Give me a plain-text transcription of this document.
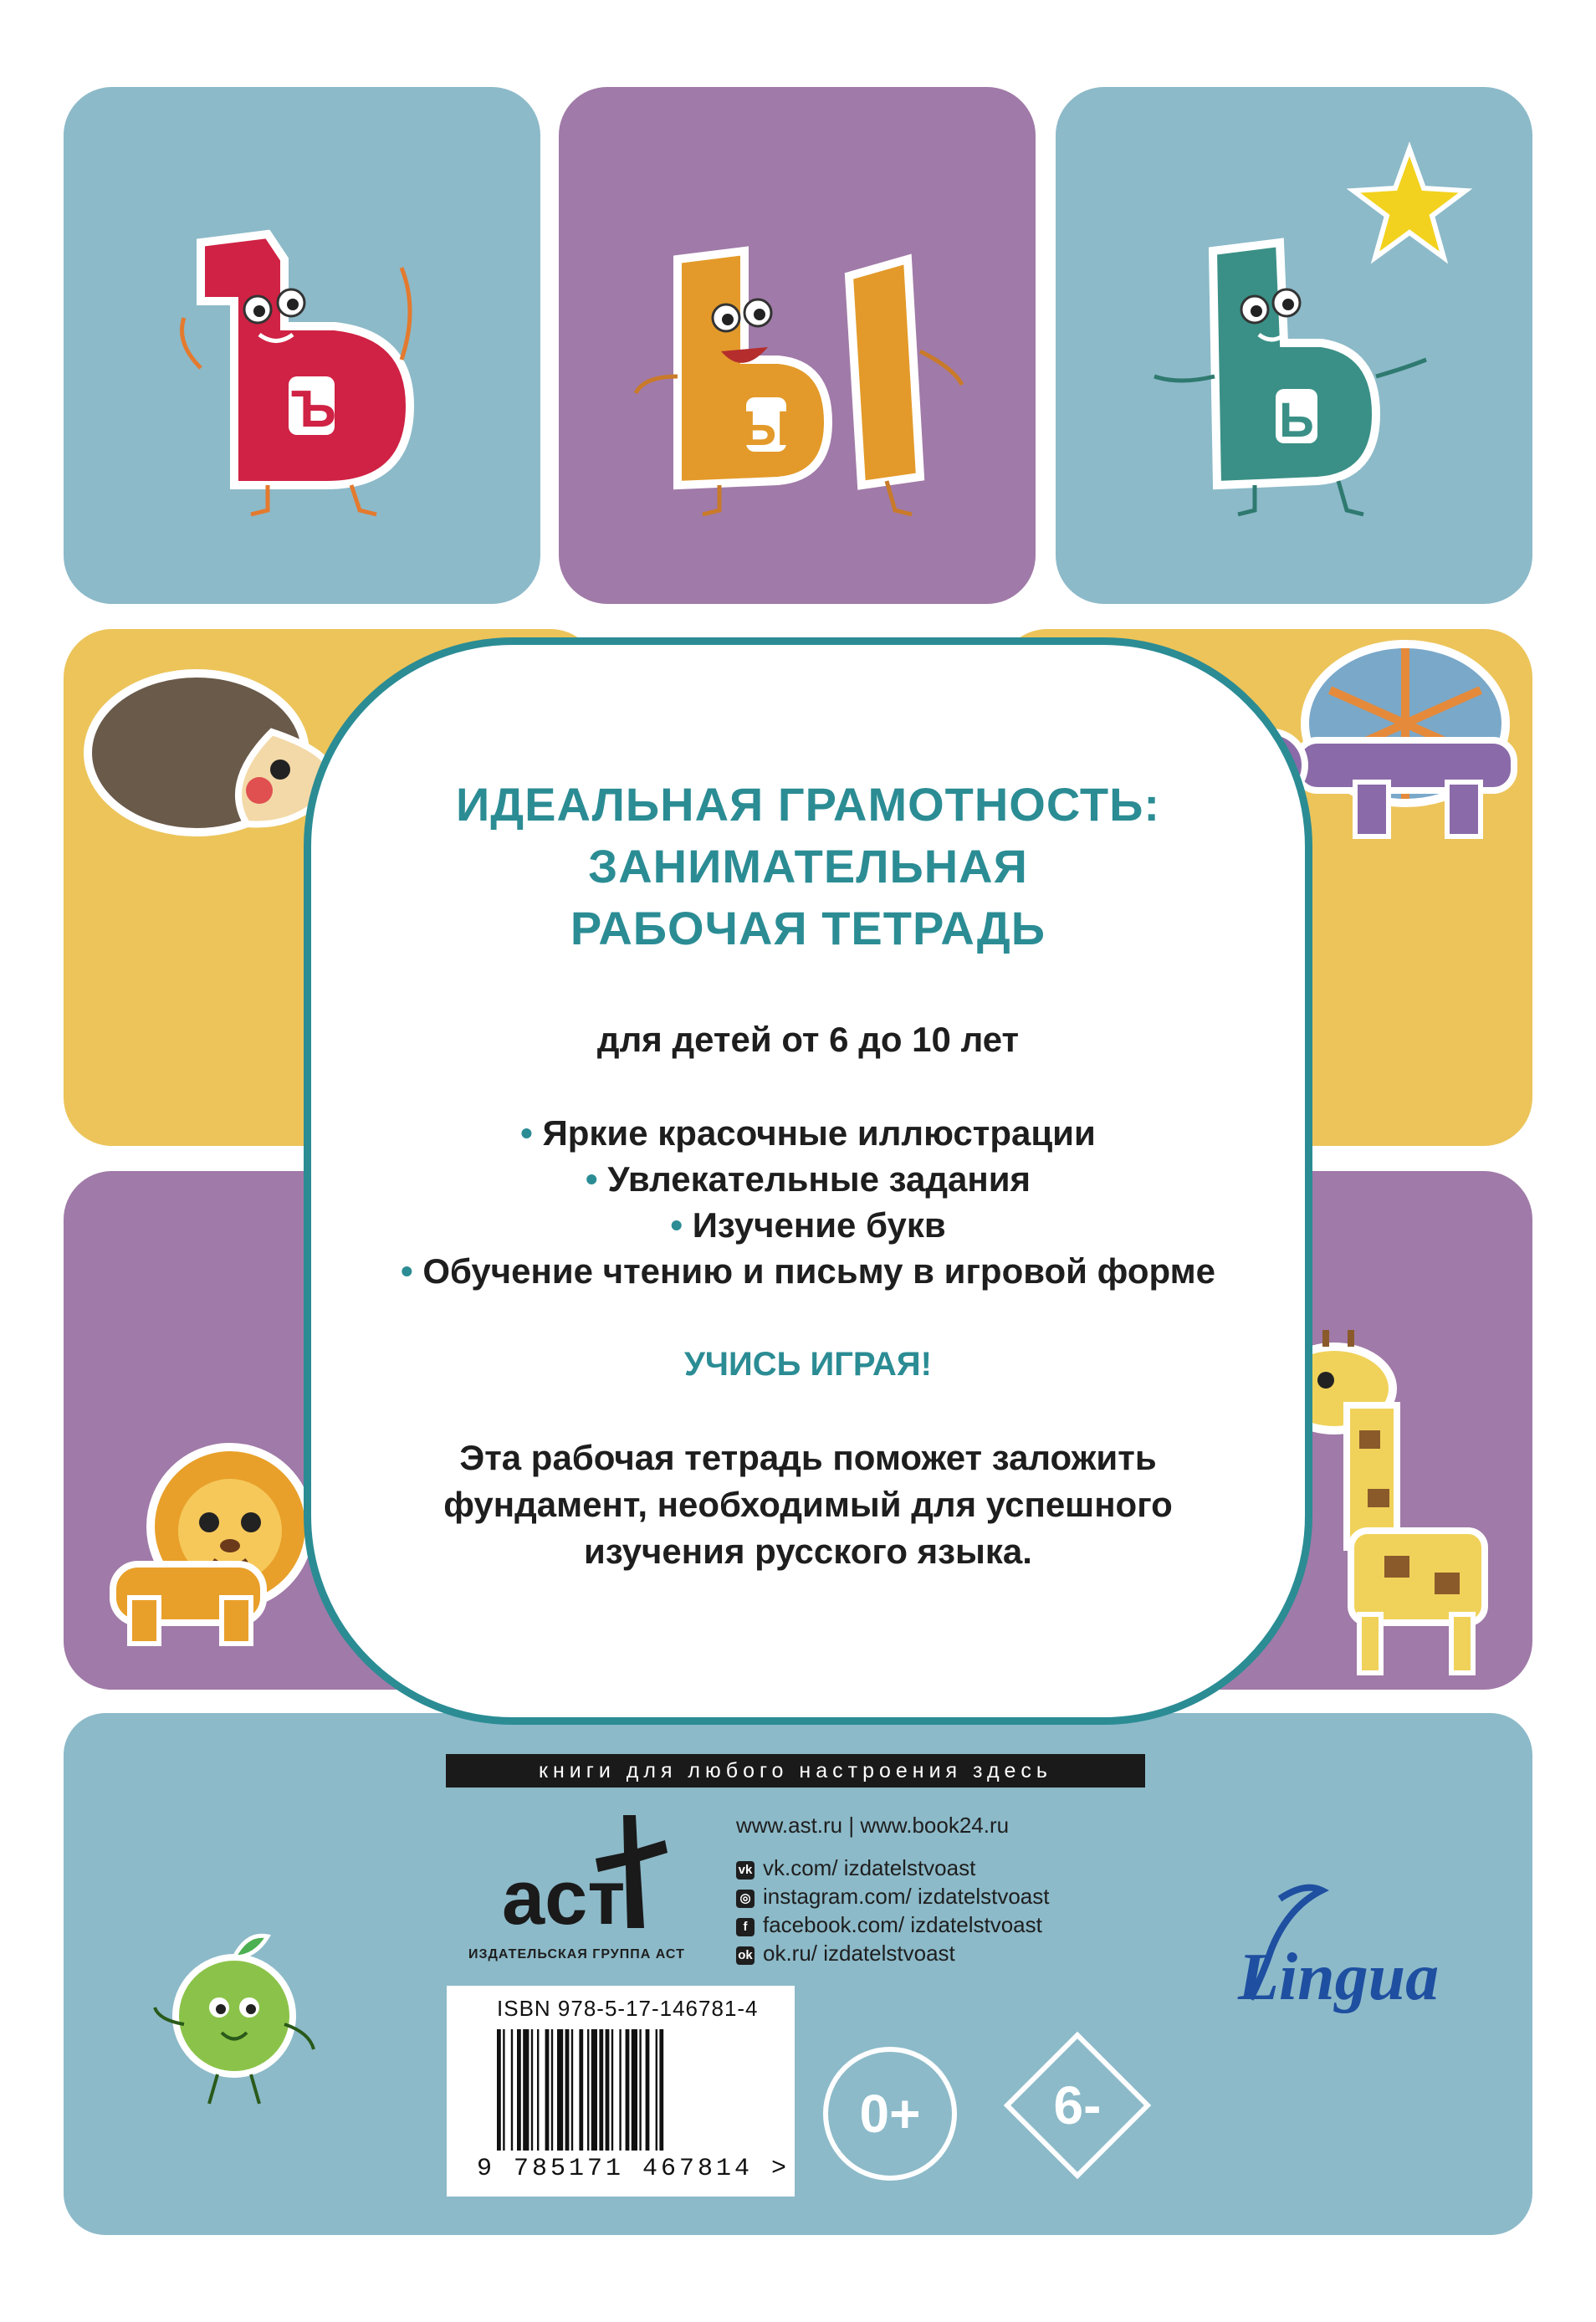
Ъ	Ы	Ь
ИДЕАЛЬНАЯ ГРАМОТНОСТЬ:
ЗАНИМАТЕЛЬНАЯ
РАБОЧАЯ ТЕТРАДЬ
для детей от 6 до 10 лет
• Яркие красочные иллюстрации
• Увлекательные задания
• Изучение букв
• Обучение чтению и письму в игровой форме
УЧИСЬ ИГРАЯ!
Эта рабочая тетрадь поможет заложить
фундамент, необходимый для успешного
изучения русского языка.
книги для любого настроения здесь
аст
ИЗДАТЕЛЬСКАЯ ГРУППА АСТ
www.ast.ru | www.book24.ru
vk vk.com/ izdatelstvoast
◎ instagram.com/ izdatelstvoast
f facebook.com/ izdatelstvoast
ok ok.ru/ izdatelstvoast
ISBN 978-5-17-146781-4
9 785171 467814 >
0+	6-
Lingua
